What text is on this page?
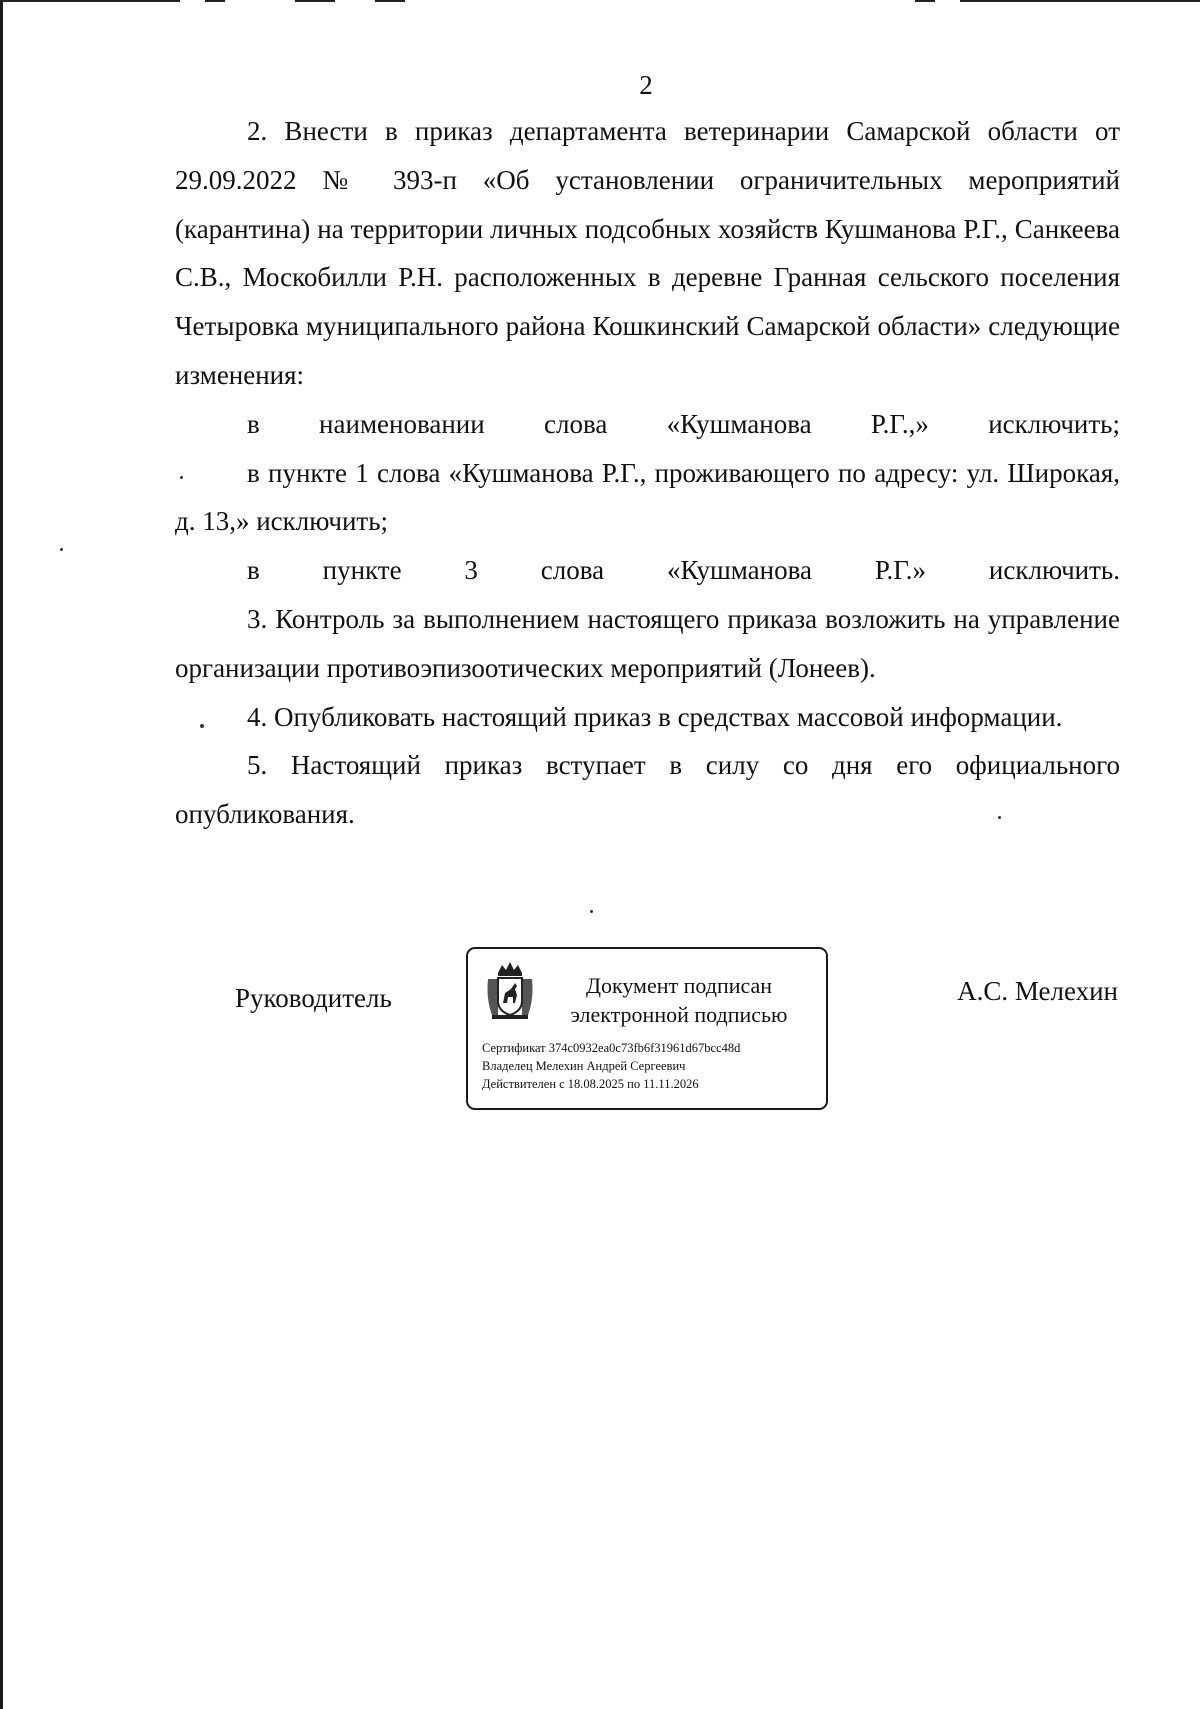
2

2. Внести в приказ департамента ветеринарии Самарской области от 29.09.2022 № 393-п «Об установлении ограничительных мероприятий (карантина) на территории личных подсобных хозяйств Кушманова Р.Г., Санкеева С.В., Москобилли Р.Н. расположенных в деревне Гранная сельского поселения Четыровка муниципального района Кошкинский Самарской области» следующие изменения:

в наименовании слова «Кушманова Р.Г.,» исключить;

в пункте 1 слова «Кушманова Р.Г., проживающего по адресу: ул. Широкая, д. 13,» исключить;

в пункте 3 слова «Кушманова Р.Г.» исключить.

3. Контроль за выполнением настоящего приказа возложить на управление организации противоэпизоотических мероприятий (Лонеев).

4. Опубликовать настоящий приказ в средствах массовой информации.

5. Настоящий приказ вступает в силу со дня его официального опубликования.

Руководитель	Документ подписан
электронной подписью
Сертификат 374c0932ea0c73fb6f31961d67bcc48d
Владелец Мелехин Андрей Сергеевич
Действителен с 18.08.2025 по 11.11.2026
А.С. Мелехин
